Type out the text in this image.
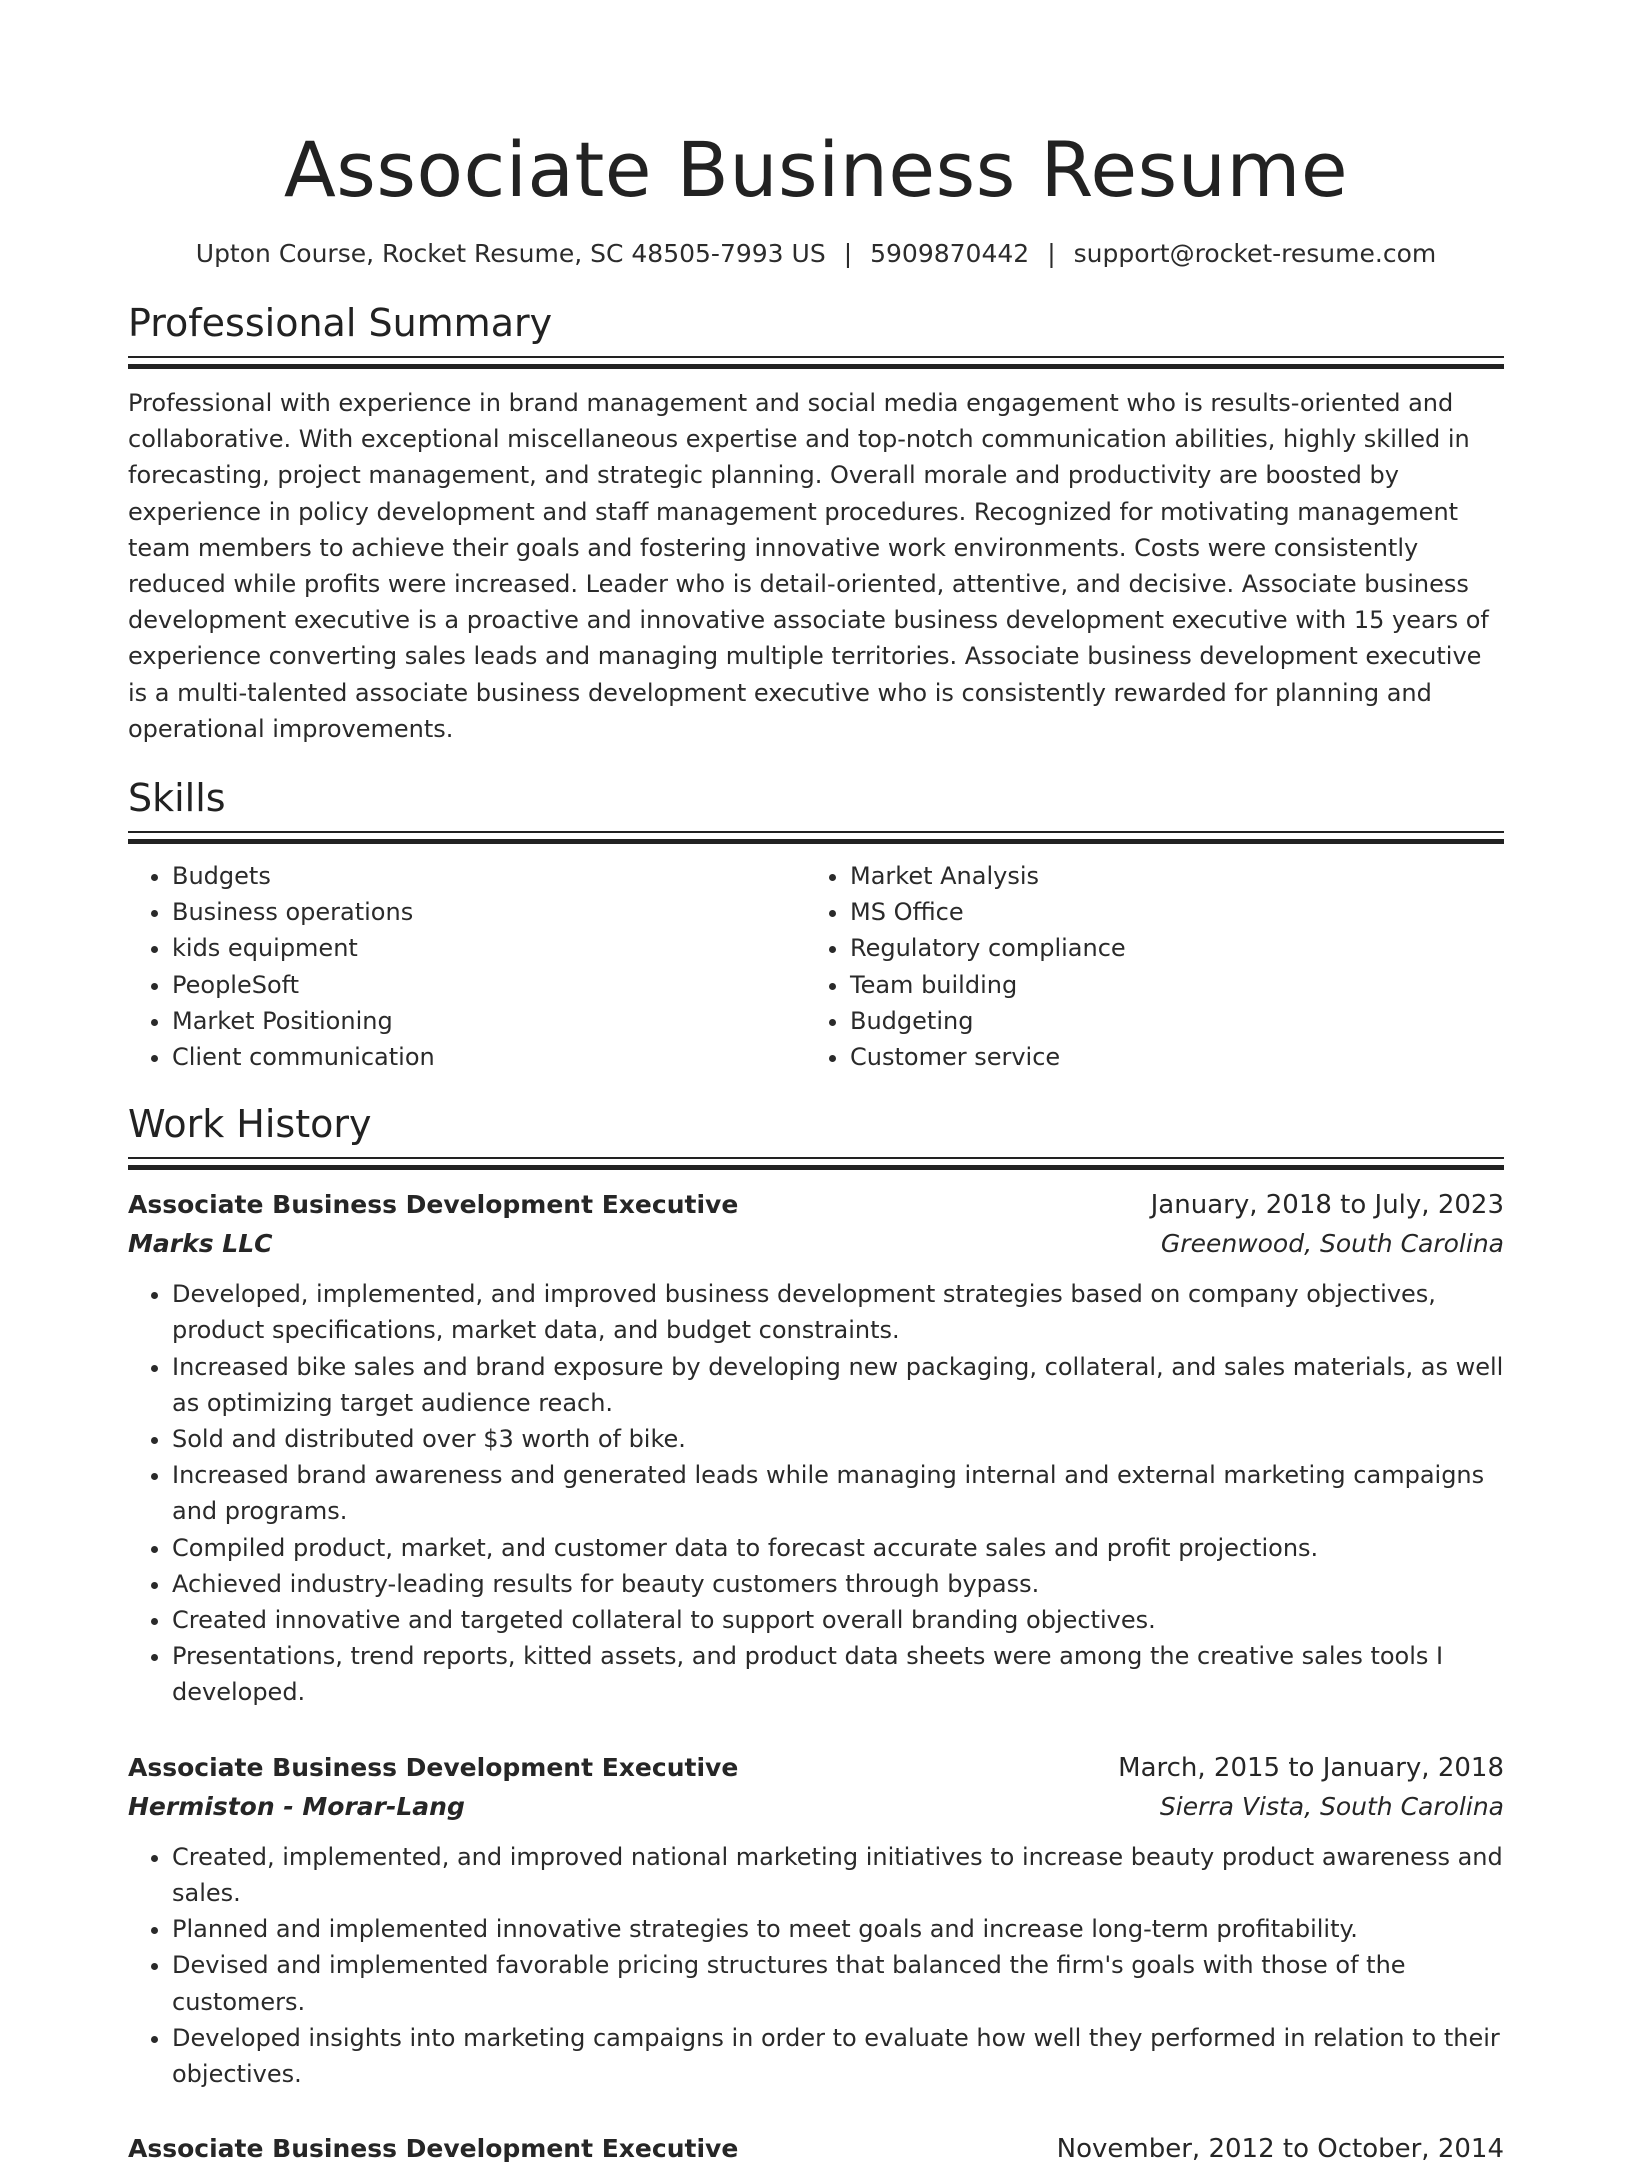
Associate Business Resume
Upton Course, Rocket Resume, SC 48505-7993 US | 5909870442 | support@rocket-resume.com
Professional Summary

Professional with experience in brand management and social media engagement who is results-oriented and collaborative. With exceptional miscellaneous expertise and top-notch communication abilities, highly skilled in forecasting, project management, and strategic planning. Overall morale and productivity are boosted by experience in policy development and staff management procedures. Recognized for motivating management team members to achieve their goals and fostering innovative work environments. Costs were consistently reduced while profits were increased. Leader who is detail-oriented, attentive, and decisive. Associate business development executive is a proactive and innovative associate business development executive with 15 years of experience converting sales leads and managing multiple territories. Associate business development executive is a multi-talented associate business development executive who is consistently rewarded for planning and operational improvements.

Skills
• Budgets
• Business operations
• kids equipment
• PeopleSoft
• Market Positioning
• Client communication
• Market Analysis
• MS Office
• Regulatory compliance
• Team building
• Budgeting
• Customer service
Work History
Associate Business Development Executive	January, 2018 to July, 2023
Marks LLC	Greenwood, South Carolina
• Developed, implemented, and improved business development strategies based on company objectives, product specifications, market data, and budget constraints.
• Increased bike sales and brand exposure by developing new packaging, collateral, and sales materials, as well as optimizing target audience reach.
• Sold and distributed over $3 worth of bike.
• Increased brand awareness and generated leads while managing internal and external marketing campaigns and programs.
• Compiled product, market, and customer data to forecast accurate sales and profit projections.
• Achieved industry-leading results for beauty customers through bypass.
• Created innovative and targeted collateral to support overall branding objectives.
• Presentations, trend reports, kitted assets, and product data sheets were among the creative sales tools I developed.
Associate Business Development Executive	March, 2015 to January, 2018
Hermiston - Morar-Lang	Sierra Vista, South Carolina
• Created, implemented, and improved national marketing initiatives to increase beauty product awareness and sales.
• Planned and implemented innovative strategies to meet goals and increase long-term profitability.
• Devised and implemented favorable pricing structures that balanced the firm's goals with those of the customers.
• Developed insights into marketing campaigns in order to evaluate how well they performed in relation to their objectives.
Associate Business Development Executive	November, 2012 to October, 2014
